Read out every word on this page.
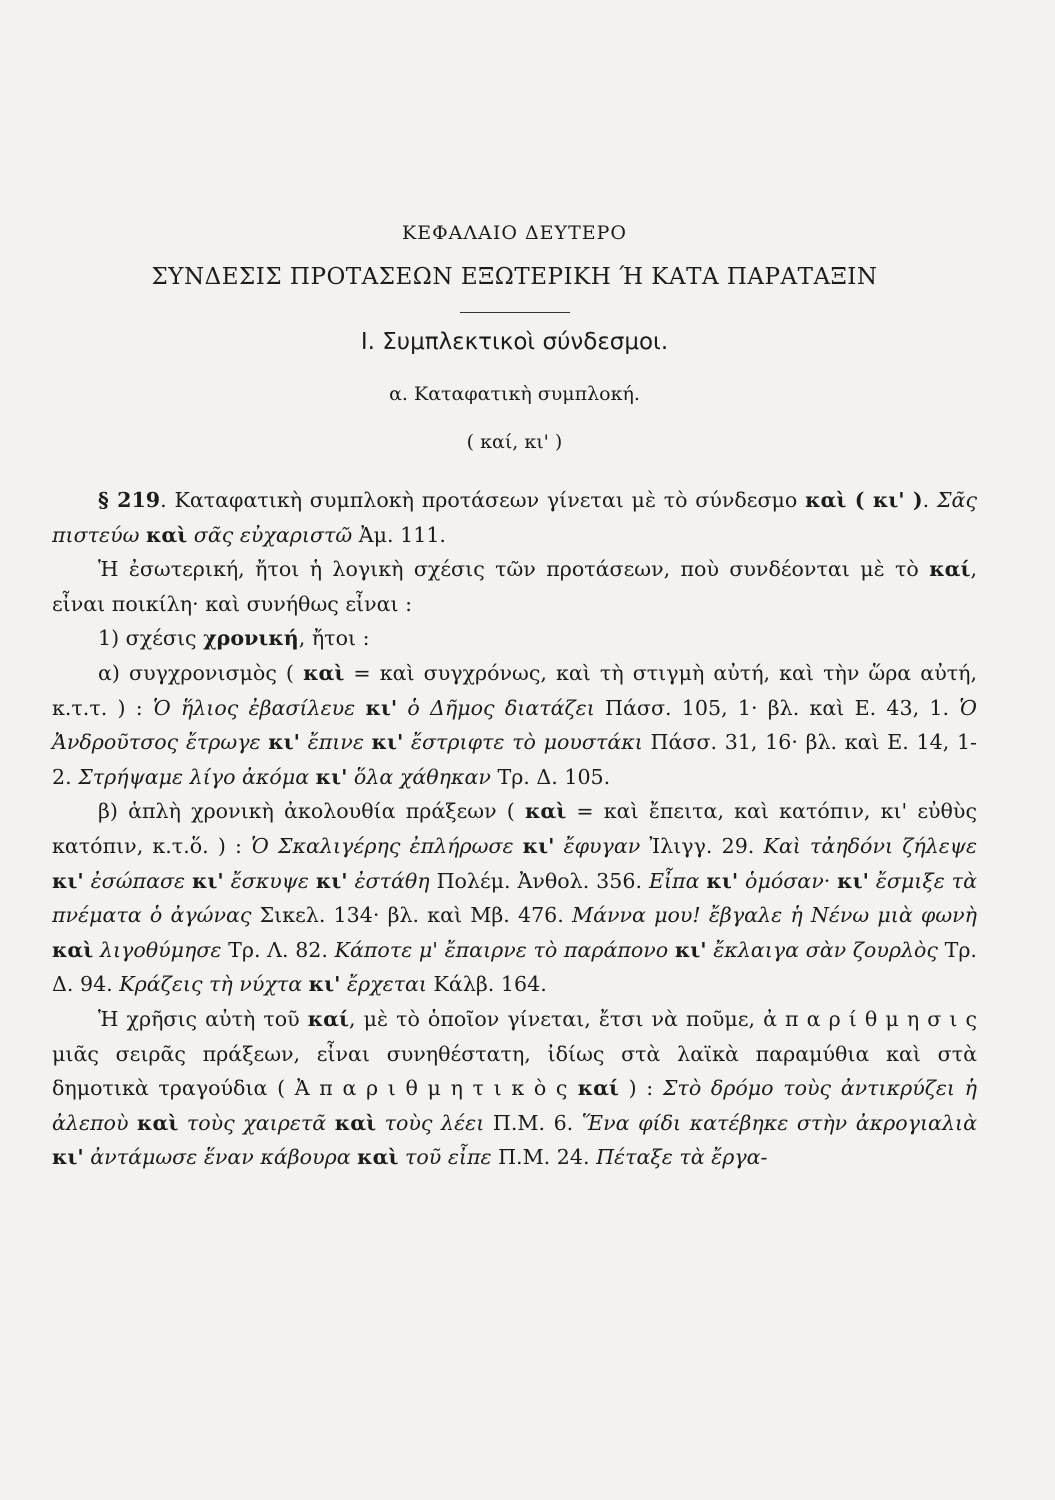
ΚΕΦΑΛΑΙΟ ΔΕΥΤΕΡΟ
ΣΥΝΔΕΣΙΣ ΠΡΟΤΑΣΕΩΝ ΕΞΩΤΕΡΙΚΗ Ή ΚΑΤΑ ΠΑΡΑΤΑΞΙΝ
Ι. Συμπλεκτικοὶ σύνδεσμοι.
α. Καταφατικὴ συμπλοκή.
( καί, κι' )

§ 219. Καταφατικὴ συμπλοκὴ προτάσεων γίνεται μὲ τὸ σύνδεσμο καὶ ( κι' ). Σᾶς πιστεύω καὶ σᾶς εὐχαριστῶ Ἀμ. 111.

Ἡ ἐσωτερική, ἤτοι ἡ λογικὴ σχέσις τῶν προτάσεων, ποὺ συνδέονται μὲ τὸ καί, εἶναι ποικίλη· καὶ συνήθως εἶναι :

1) σχέσις χρονική, ἤτοι :

α) συγχρονισμὸς ( καὶ = καὶ συγχρόνως, καὶ τὴ στιγμὴ αὐτή, καὶ τὴν ὥρα αὐτή, κ.τ.τ. ) : Ὁ ἥλιος ἐβασίλευε κι' ὁ Δῆμος διατάζει Πάσσ. 105, 1· βλ. καὶ Ε. 43, 1. Ὁ Ἀνδροῦτσος ἔτρωγε κι' ἔπινε κι' ἔστριφτε τὸ μουστάκι Πάσσ. 31, 16· βλ. καὶ Ε. 14, 1-2. Στρήψαμε λίγο ἀκόμα κι' ὅλα χάθηκαν Τρ. Δ. 105.

β) ἁπλὴ χρονικὴ ἀκολουθία πράξεων ( καὶ = καὶ ἔπειτα, καὶ κατόπιν, κι' εὐθὺς κατόπιν, κ.τ.ὅ. ) : Ὁ Σκαλιγέρης ἐπλήρωσε κι' ἔφυγαν Ἰλιγγ. 29. Καὶ τἀηδόνι ζήλεψε κι' ἐσώπασε κι' ἔσκυψε κι' ἐστάθη Πολέμ. Ἀνθολ. 356. Εἶπα κι' ὁμόσαν· κι' ἔσμιξε τὰ πνέματα ὁ ἀγώνας Σικελ. 134· βλ. καὶ Μβ. 476. Μάννα μου! ἔβγαλε ἡ Νένω μιὰ φωνὴ καὶ λιγοθύμησε Τρ. Λ. 82. Κάποτε μ' ἔπαιρνε τὸ παράπονο κι' ἔκλαιγα σὰν ζουρλὸς Τρ. Δ. 94. Κράζεις τὴ νύχτα κι' ἔρχεται Κάλβ. 164.

Ἡ χρῆσις αὐτὴ τοῦ καί, μὲ τὸ ὁποῖον γίνεται, ἔτσι νὰ ποῦμε, ἀ π α ρ ί θ μ η σ ι ς μιᾶς σειρᾶς πράξεων, εἶναι συνηθέστατη, ἰδίως στὰ λαϊκὰ παραμύθια καὶ στὰ δημοτικὰ τραγούδια ( Ἀ π α ρ ι θ μ η τ ι κ ὸ ς καί ) : Στὸ δρόμο τοὺς ἀντικρύζει ἡ ἀλεποὺ καὶ τοὺς χαιρετᾶ καὶ τοὺς λέει Π.Μ. 6. Ἕνα φίδι κατέβηκε στὴν ἀκρογιαλιὰ κι' ἀντάμωσε ἕναν κάβουρα καὶ τοῦ εἶπε Π.Μ. 24. Πέταξε τὰ ἔργα-
